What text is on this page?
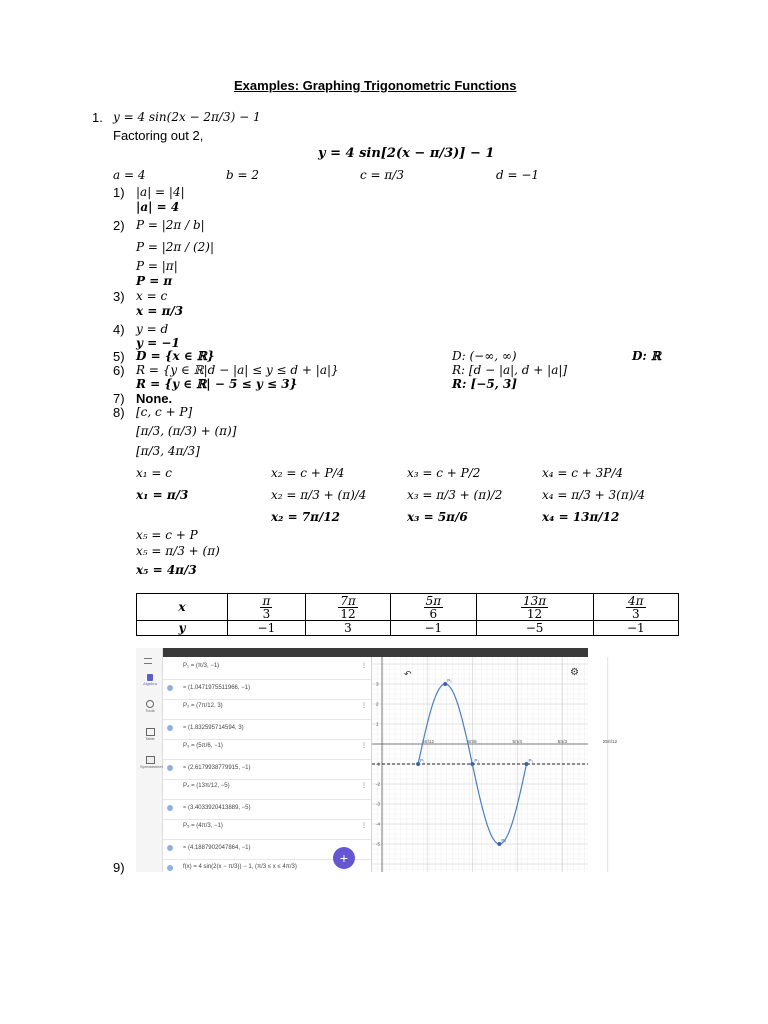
Examples: Graphing Trigonometric Functions
1. y = 4 sin(2x − 2π/3) − 1
Factoring out 2,
y = 4 sin[2(x − π/3)] − 1
a = 4	b = 2	c = π/3	d = −1
1) |a| = |4|
|a| = 4
2) P = |2π / b|
P = |2π / (2)|
P = |π|
P = π
3) x = c
x = π/3
4) y = d
y = −1
5) D = {x ∈ ℝ}	D: (−∞, ∞)	D: ℝ
6) R = {y ∈ ℝ|d − |a| ≤ y ≤ d + |a|}	R: [d − |a|, d + |a|]
R = {y ∈ ℝ| − 5 ≤ y ≤ 3}	R: [−5, 3]
7) None.
8) [c, c + P]
[π/3, (π/3) + (π)]
[π/3, 4π/3]
x₁ = c
x₁ = π/3
x₂ = c + P/4
x₂ = π/3 + (π)/4
x₂ = 7π/12
x₃ = c + P/2
x₃ = π/3 + (π)/2
x₃ = 5π/6
x₄ = c + 3P/4
x₄ = π/3 + 3(π)/4
x₄ = 13π/12
x₅ = c + P
x₅ = π/3 + (π)
x₅ = 4π/3
x	$\frac{\pi}{3}$	$\frac{7\pi}{12}$	$\frac{5\pi}{6}$	$\frac{13\pi}{12}$	$\frac{4\pi}{3}$

y	−1	3	−1	−5	−1
Algebra
Tools
Table
Spreadsheet
P₁ = (π/3, −1)	⋮
≈ (1.0471975511966, −1)
P₂ = (7π/12, 3)	⋮
≈ (1.832595714594, 3)
P₃ = (5π/6, −1)	⋮
≈ (2.6179938779915, −1)
P₄ = (13π/12, −5)	⋮
≈ (3.4033920413889, −5)
P₅ = (4π/3, −1)	⋮
≈ (4.1887902047864, −1)
f(x) = 4 sin(2(x − π/3)) − 1, (π/3 ≤ x ≤ 4π/3)
+
5π/12	5π/6	5π/4	5π/3	25π/12
3
2
1
-1
-2
-3
-4
-5
P₁
P₂
P₃
P₄
P₅
↶	⚙
9)
